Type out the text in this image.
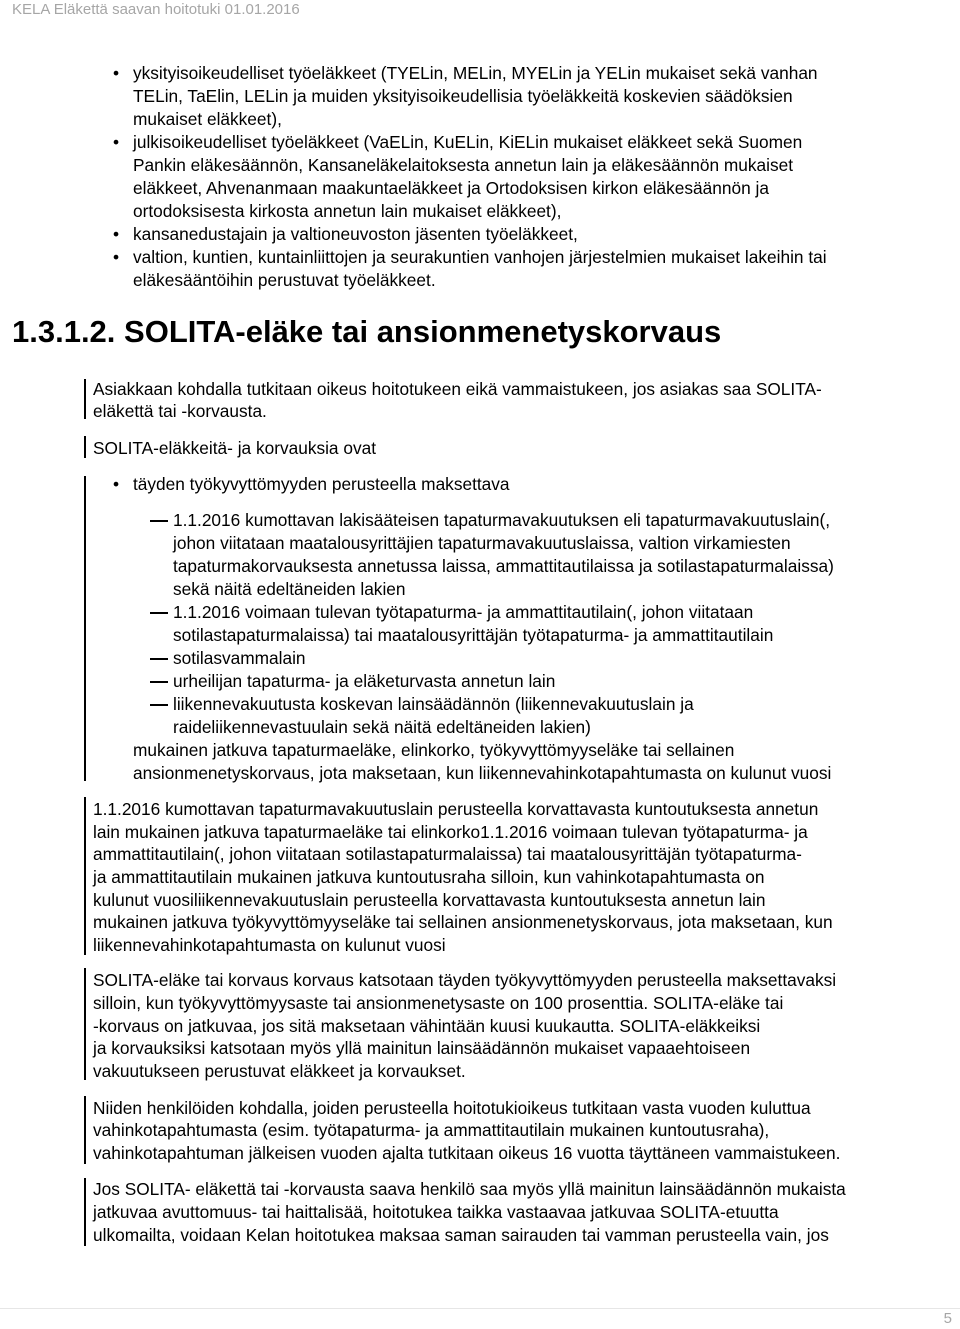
KELA Eläkettä saavan hoitotuki 01.01.2016
• yksityisoikeudelliset työeläkkeet (TYELin, MELin, MYELin ja YELin mukaiset sekä vanhan
TELin, TaElin, LELin ja muiden yksityisoikeudellisia työeläkkeitä koskevien säädöksien
mukaiset eläkkeet),
• julkisoikeudelliset työeläkkeet (VaELin, KuELin, KiELin mukaiset eläkkeet sekä Suomen
Pankin eläkesäännön, Kansaneläkelaitoksesta annetun lain ja eläkesäännön mukaiset
eläkkeet, Ahvenanmaan maakuntaeläkkeet ja Ortodoksisen kirkon eläkesäännön ja
ortodoksisesta kirkosta annetun lain mukaiset eläkkeet),
• kansanedustajain ja valtioneuvoston jäsenten työeläkkeet,
• valtion, kuntien, kuntainliittojen ja seurakuntien vanhojen järjestelmien mukaiset lakeihin tai
eläkesääntöihin perustuvat työeläkkeet.
1.3.1.2. SOLITA-eläke tai ansionmenetyskorvaus
Asiakkaan kohdalla tutkitaan oikeus hoitotukeen eikä vammaistukeen, jos asiakas saa SOLITA-
eläkettä tai -korvausta.
SOLITA-eläkkeitä- ja korvauksia ovat
• täyden työkyvyttömyyden perusteella maksettava
1.1.2016 kumottavan lakisääteisen tapaturmavakuutuksen eli tapaturmavakuutuslain(,
johon viitataan maatalousyrittäjien tapaturmavakuutuslaissa, valtion virkamiesten
tapaturmakorvauksesta annetussa laissa, ammattitautilaissa ja sotilastapaturmalaissa)
sekä näitä edeltäneiden lakien
1.1.2016 voimaan tulevan työtapaturma- ja ammattitautilain(, johon viitataan
sotilastapaturmalaissa) tai maatalousyrittäjän työtapaturma- ja ammattitautilain
sotilasvammalain
urheilijan tapaturma- ja eläketurvasta annetun lain
liikennevakuutusta koskevan lainsäädännön (liikennevakuutuslain ja
raideliikennevastuulain sekä näitä edeltäneiden lakien)
mukainen jatkuva tapaturmaeläke, elinkorko, työkyvyttömyyseläke tai sellainen
ansionmenetyskorvaus, jota maksetaan, kun liikennevahinkotapahtumasta on kulunut vuosi
1.1.2016 kumottavan tapaturmavakuutuslain perusteella korvattavasta kuntoutuksesta annetun
lain mukainen jatkuva tapaturmaeläke tai elinkorko1.1.2016 voimaan tulevan työtapaturma- ja
ammattitautilain(, johon viitataan sotilastapaturmalaissa) tai maatalousyrittäjän työtapaturma-
ja ammattitautilain mukainen jatkuva kuntoutusraha silloin, kun vahinkotapahtumasta on
kulunut vuosiliikennevakuutuslain perusteella korvattavasta kuntoutuksesta annetun lain
mukainen jatkuva työkyvyttömyyseläke tai sellainen ansionmenetyskorvaus, jota maksetaan, kun
liikennevahinkotapahtumasta on kulunut vuosi
SOLITA-eläke tai korvaus korvaus katsotaan täyden työkyvyttömyyden perusteella maksettavaksi
silloin, kun työkyvyttömyysaste tai ansionmenetysaste on 100 prosenttia. SOLITA-eläke tai
-korvaus on jatkuvaa, jos sitä maksetaan vähintään kuusi kuukautta. SOLITA-eläkkeiksi
ja korvauksiksi katsotaan myös yllä mainitun lainsäädännön mukaiset vapaaehtoiseen
vakuutukseen perustuvat eläkkeet ja korvaukset.
Niiden henkilöiden kohdalla, joiden perusteella hoitotukioikeus tutkitaan vasta vuoden kuluttua
vahinkotapahtumasta (esim. työtapaturma- ja ammattitautilain mukainen kuntoutusraha),
vahinkotapahtuman jälkeisen vuoden ajalta tutkitaan oikeus 16 vuotta täyttäneen vammaistukeen.
Jos SOLITA- eläkettä tai -korvausta saava henkilö saa myös yllä mainitun lainsäädännön mukaista
jatkuvaa avuttomuus- tai haittalisää, hoitotukea taikka vastaavaa jatkuvaa SOLITA-etuutta
ulkomailta, voidaan Kelan hoitotukea maksaa saman sairauden tai vamman perusteella vain, jos
5
